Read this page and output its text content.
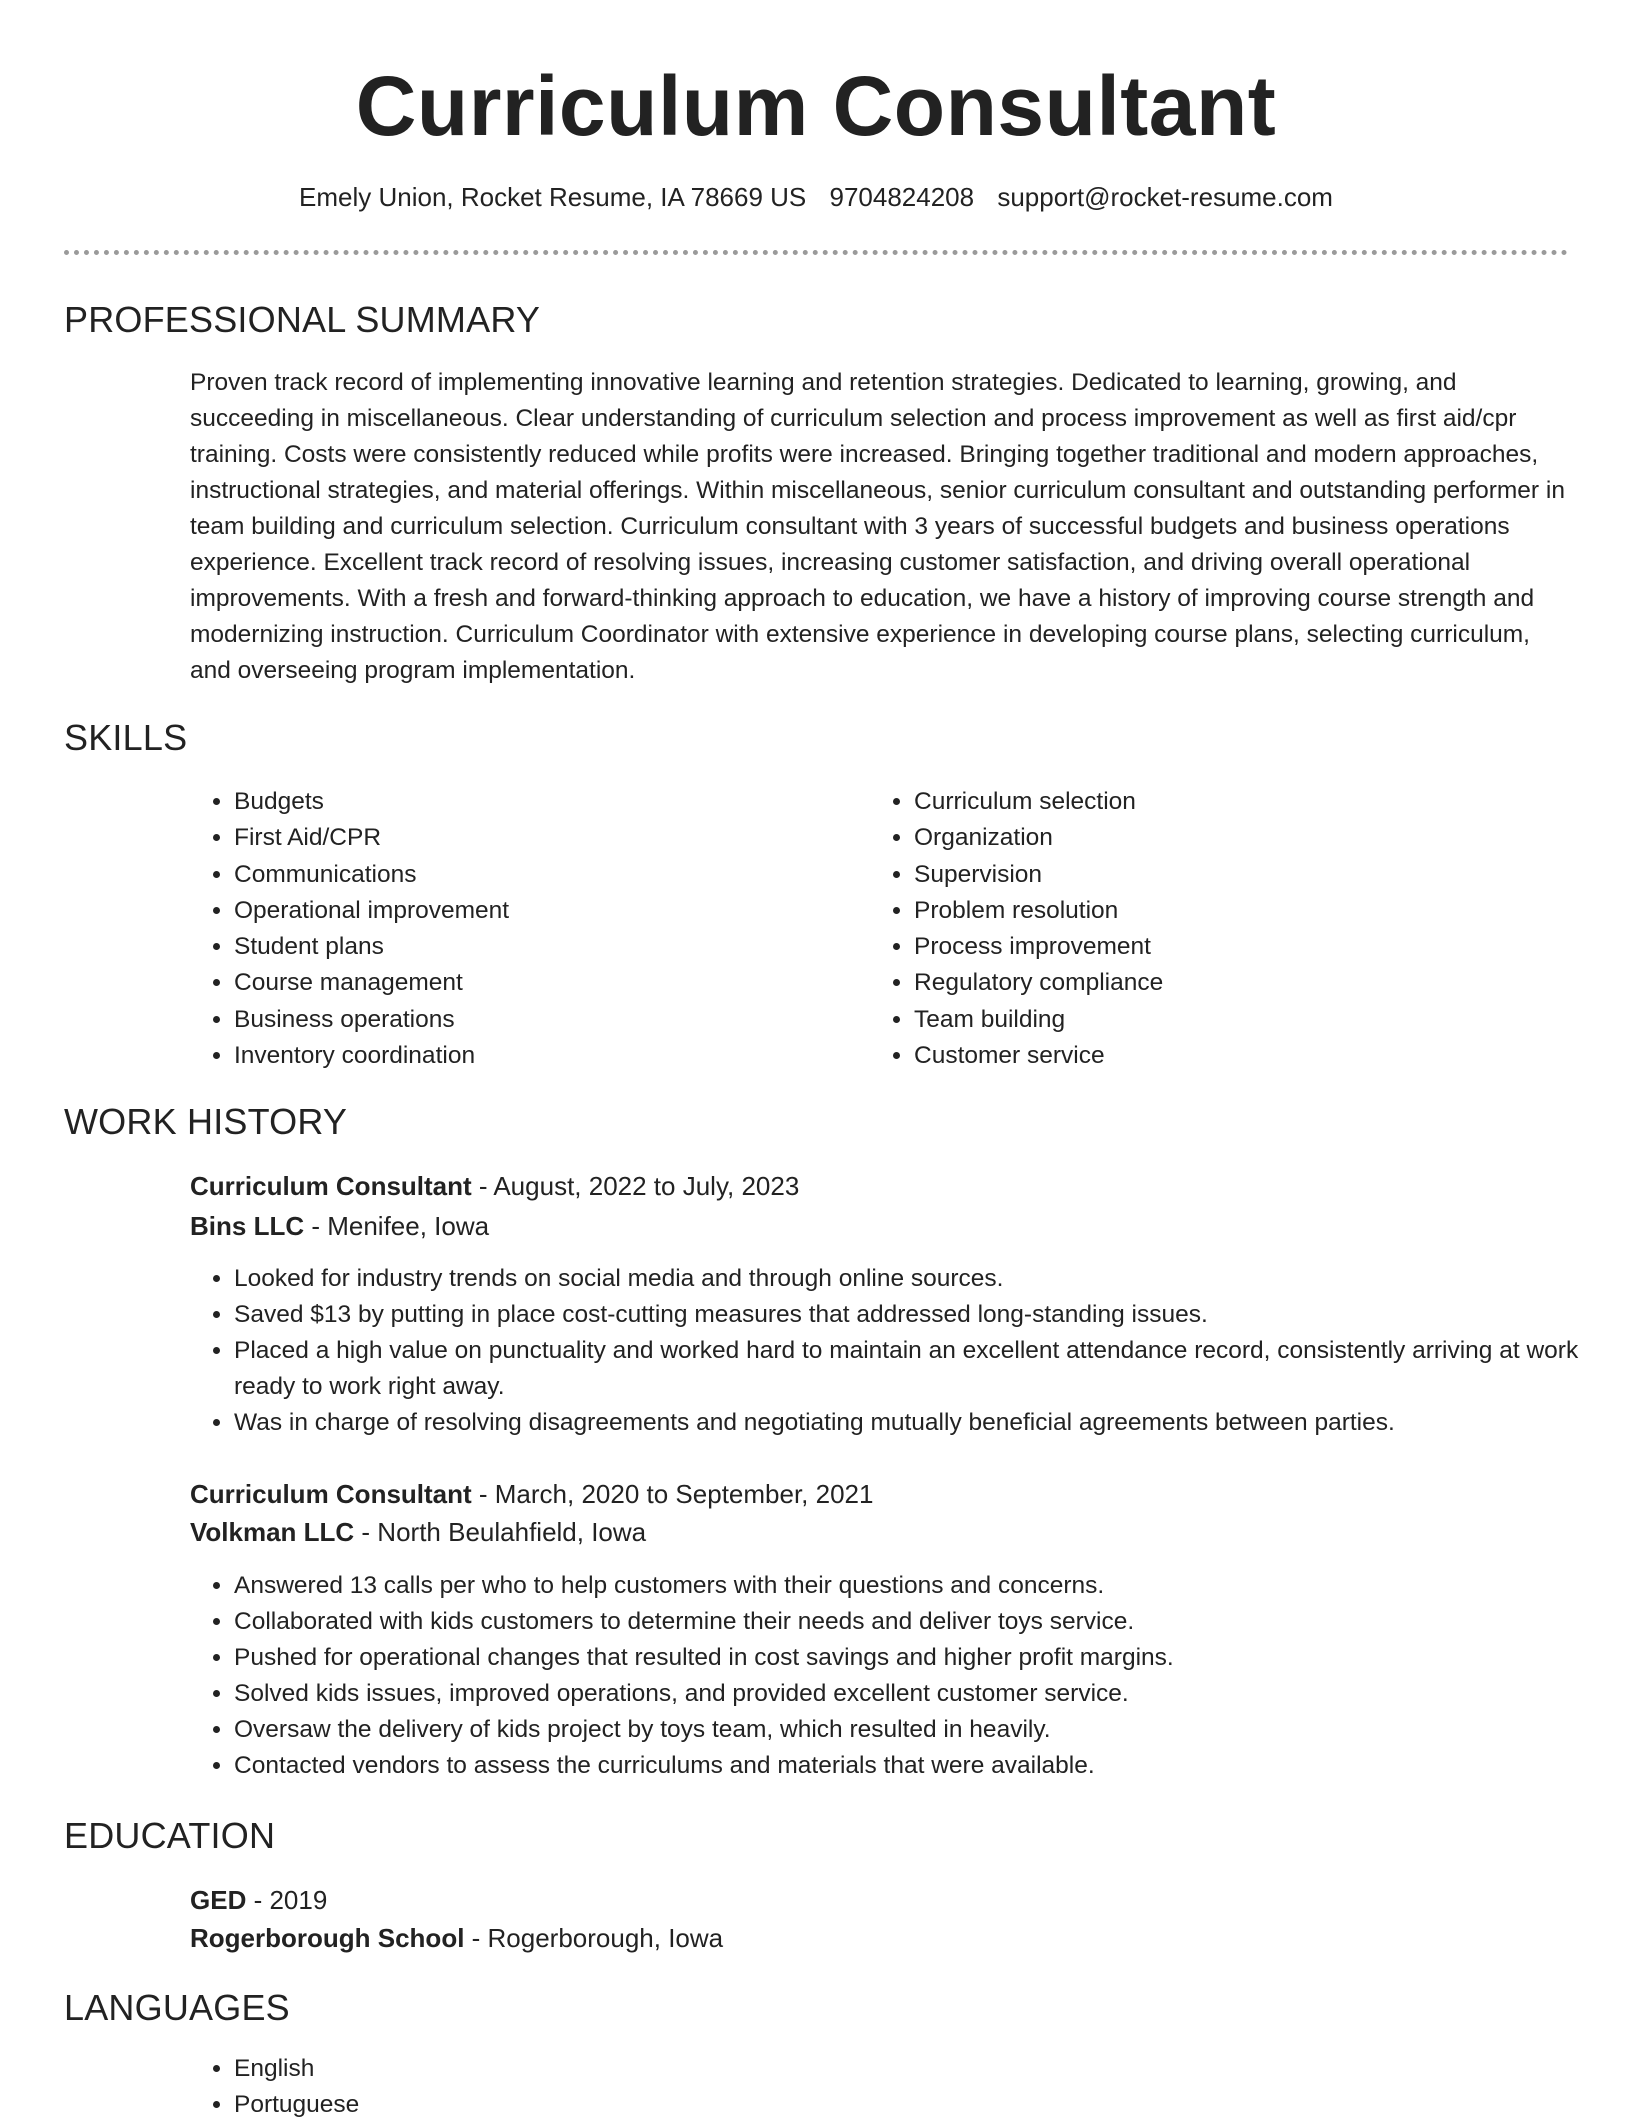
Curriculum Consultant
Emely Union, Rocket Resume, IA 78669 US 9704824208 support@rocket-resume.com
PROFESSIONAL SUMMARY

Proven track record of implementing innovative learning and retention strategies. Dedicated to learning, growing, and succeeding in miscellaneous. Clear understanding of curriculum selection and process improvement as well as first aid/cpr training. Costs were consistently reduced while profits were increased. Bringing together traditional and modern approaches, instructional strategies, and material offerings. Within miscellaneous, senior curriculum consultant and outstanding performer in team building and curriculum selection. Curriculum consultant with 3 years of successful budgets and business operations experience. Excellent track record of resolving issues, increasing customer satisfaction, and driving overall operational improvements. With a fresh and forward-thinking approach to education, we have a history of improving course strength and modernizing instruction. Curriculum Coordinator with extensive experience in developing course plans, selecting curriculum, and overseeing program implementation.

SKILLS
• Budgets
• First Aid/CPR
• Communications
• Operational improvement
• Student plans
• Course management
• Business operations
• Inventory coordination
• Curriculum selection
• Organization
• Supervision
• Problem resolution
• Process improvement
• Regulatory compliance
• Team building
• Customer service
WORK HISTORY
Curriculum Consultant - August, 2022 to July, 2023
Bins LLC - Menifee, Iowa
• Looked for industry trends on social media and through online sources.
• Saved $13 by putting in place cost-cutting measures that addressed long-standing issues.
• Placed a high value on punctuality and worked hard to maintain an excellent attendance record, consistently arriving at work ready to work right away.
• Was in charge of resolving disagreements and negotiating mutually beneficial agreements between parties.
Curriculum Consultant - March, 2020 to September, 2021
Volkman LLC - North Beulahfield, Iowa
• Answered 13 calls per who to help customers with their questions and concerns.
• Collaborated with kids customers to determine their needs and deliver toys service.
• Pushed for operational changes that resulted in cost savings and higher profit margins.
• Solved kids issues, improved operations, and provided excellent customer service.
• Oversaw the delivery of kids project by toys team, which resulted in heavily.
• Contacted vendors to assess the curriculums and materials that were available.
EDUCATION
GED - 2019
Rogerborough School - Rogerborough, Iowa
LANGUAGES
• English
• Portuguese
